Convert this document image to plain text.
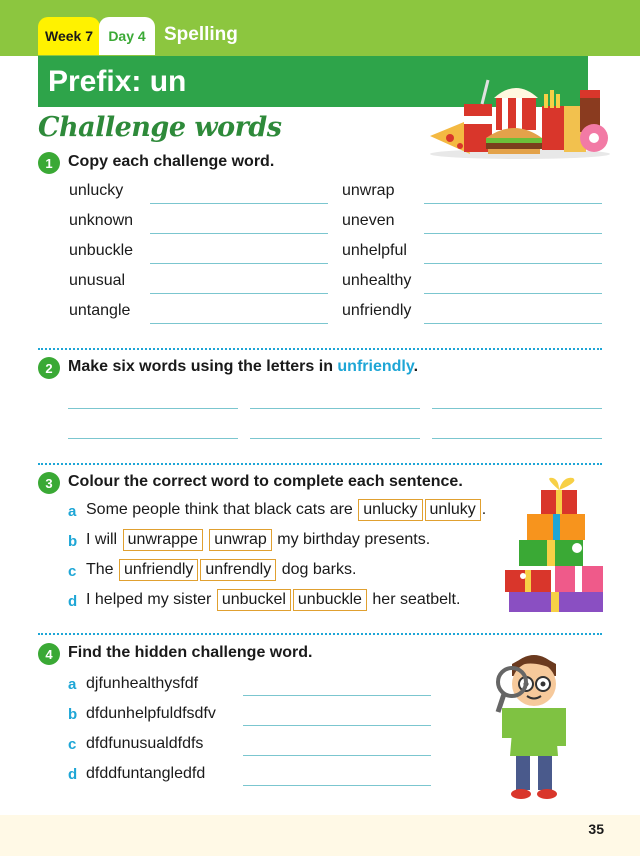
Week 7	Day 4 Spelling
Prefix: un
Challenge words
1 Copy each challenge word.
unlucky
unknown
unbuckle
unusual
untangle
unwrap
uneven
unhelpful
unhealthy
unfriendly
2 Make six words using the letters in unfriendly.
3 Colour the correct word to complete each sentence.
a Some people think that black cats are unlucky unluky .
b I will unwrappe unwrap my birthday presents.
c The unfriendly unfrendly dog barks.
d I helped my sister unbuckel unbuckle her seatbelt.
4 Find the hidden challenge word.
a djfunhealthysfdf
b dfdunhelpfuldfsdfv
c dfdfunusualdfdfs
d dfddfuntangledfd
35
